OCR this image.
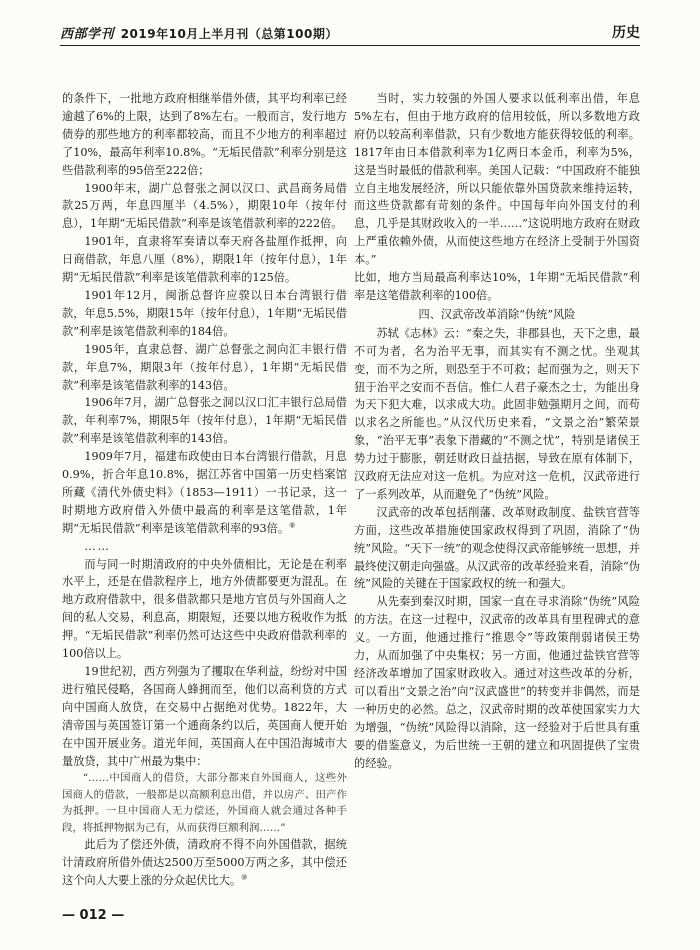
西部学刊 2019年10月上半月刊（总第100期）	历史

的条件下，一批地方政府相继举借外债，其平均利率已经逾越了6%的上限，达到了8%左右。一般而言，发行地方债券的那些地方的利率都较高，而且不少地方的利率超过了10%，最高年利率10.8%。“无垢民借款”利率分别是这些借款利率的95倍至222倍；

1900年末，湖广总督张之洞以汉口、武昌商务局借款25万两，年息四厘半（4.5%），期限10年（按年付息），1年期“无垢民借款”利率是该笔借款利率的222倍。

1901年，直隶将军奏请以奉天府各盐厘作抵押，向日商借款，年息八厘（8%），期限1年（按年付息），1年期“无垢民借款”利率是该笔借款利率的125倍。

1901年12月，闽浙总督许应骙以日本台湾银行借款，年息5.5%，期限15年（按年付息），1年期“无垢民借款”利率是该笔借款利率的184倍。

1905年，直隶总督、湖广总督张之洞向汇丰银行借款，年息7%，期限3年（按年付息），1年期“无垢民借款”利率是该笔借款利率的143倍。

1906年7月，湖广总督张之洞以汉口汇丰银行总局借款，年利率7%，期限5年（按年付息），1年期“无垢民借款”利率是该笔借款利率的143倍。

1909年7月，福建布政使由日本台湾银行借款，月息0.9%，折合年息10.8%，据江苏省中国第一历史档案馆所藏《清代外债史料》（1853—1911）一书记录，这一时期地方政府借入外债中最高的利率是这笔借款，1年期“无垢民借款”利率是该笔借款利率的93倍。⑧

……

而与同一时期清政府的中央外债相比，无论是在利率水平上，还是在借款程序上，地方外债都要更为混乱。在地方政府借款中，很多借款都只是地方官员与外国商人之间的私人交易，利息高，期限短，还要以地方税收作为抵押。“无垢民借款”利率仍然可达这些中央政府借款利率的100倍以上。

19世纪初，西方列强为了攫取在华利益，纷纷对中国进行殖民侵略，各国商人蜂拥而至，他们以高利贷的方式向中国商人放贷，在交易中占据绝对优势。1822年，大清帝国与英国签订第一个通商条约以后，英国商人便开始在中国开展业务。道光年间，英国商人在中国沿海城市大量放贷，其中广州最为集中：

“……中国商人的借贷，大部分都来自外国商人，这些外国商人的借款，一般都是以高额利息出借，并以房产、田产作为抵押。一旦中国商人无力偿还，外国商人就会通过各种手段，将抵押物据为己有，从而获得巨额利润……”

此后为了偿还外债，清政府不得不向外国借款，据统计清政府所借外债达2500万至5000万两之多，其中偿还这个向人大要上涨的分众起伏比大。⑩

当时，实力较强的外国人要求以低利率出借，年息5%左右，但由于地方政府的信用较低，所以多数地方政府仍以较高利率借款，只有少数地方能获得较低的利率。1817年由日本借款利率为1亿两日本金币，利率为5%，这是当时最低的借款利率。美国人记载：“中国政府不能独立自主地发展经济，所以只能依靠外国贷款来维持运转，而这些贷款都有苛刻的条件。中国每年向外国支付的利息，几乎是其财政收入的一半……”这说明地方政府在财政上严重依赖外债，从而使这些地方在经济上受制于外国资本。”

比如，地方当局最高利率达10%，1年期“无垢民借款”利率是这笔借款利率的100倍。

四、汉武帝改革消除“伪统”风险

苏轼《志林》云：“秦之失，非郡县也，天下之患，最不可为者，名为治平无事，而其实有不测之忧。坐观其变，而不为之所，则恐至于不可救；起而强为之，则天下狃于治平之安而不吾信。惟仁人君子豪杰之士，为能出身为天下犯大难，以求成大功。此固非勉强期月之间，而苟以求名之所能也。”从汉代历史来看，“文景之治”繁荣景象，“治平无事”表象下潜藏的“不测之忧”，特别是诸侯王势力过于膨胀，朝廷财政日益拮据，导致在原有体制下，汉政府无法应对这一危机。为应对这一危机，汉武帝进行了一系列改革，从而避免了“伪统”风险。

汉武帝的改革包括削藩、改革财政制度、盐铁官营等方面，这些改革措施使国家政权得到了巩固，消除了“伪统”风险。“天下一统”的观念使得汉武帝能够统一思想，并最终使汉朝走向强盛。从汉武帝的改革经验来看，消除“伪统”风险的关键在于国家政权的统一和强大。

从先秦到秦汉时期，国家一直在寻求消除“伪统”风险的方法。在这一过程中，汉武帝的改革具有里程碑式的意义。一方面，他通过推行“推恩令”等政策削弱诸侯王势力，从而加强了中央集权；另一方面，他通过盐铁官营等经济改革增加了国家财政收入。通过对这些改革的分析，可以看出“文景之治”向“汉武盛世”的转变并非偶然，而是一种历史的必然。总之，汉武帝时期的改革使国家实力大为增强，“伪统”风险得以消除，这一经验对于后世具有重要的借鉴意义，为后世统一王朝的建立和巩固提供了宝贵的经验。

— 012 —
